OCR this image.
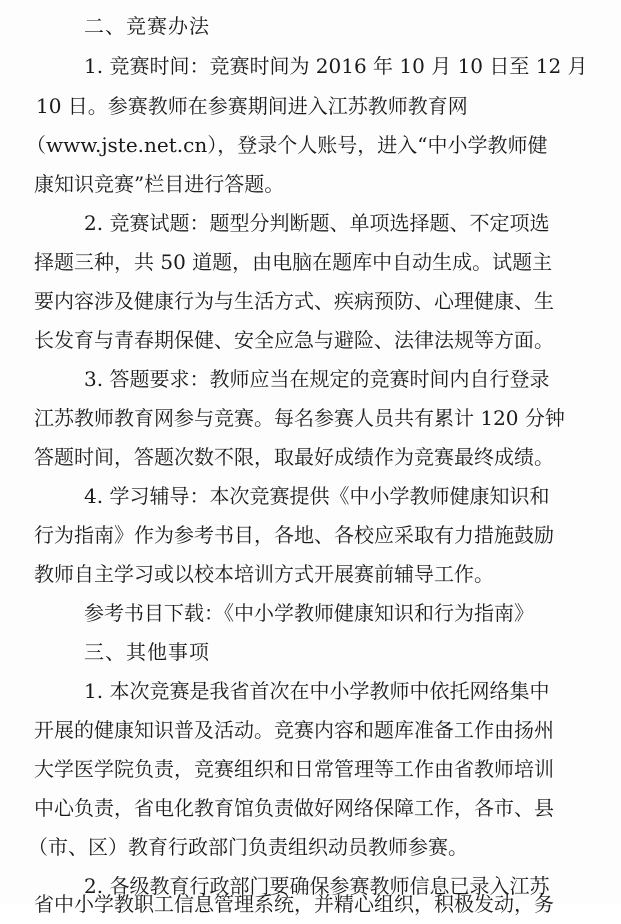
二、竞赛办法
1. 竞赛时间：竞赛时间为 2016 年 10 月 10 日至 12 月
10 日。参赛教师在参赛期间进入江苏教师教育网
（www.jste.net.cn），登录个人账号，进入“中小学教师健
康知识竞赛”栏目进行答题。
2. 竞赛试题：题型分判断题、单项选择题、不定项选
择题三种，共 50 道题，由电脑在题库中自动生成。试题主
要内容涉及健康行为与生活方式、疾病预防、心理健康、生
长发育与青春期保健、安全应急与避险、法律法规等方面。
3. 答题要求：教师应当在规定的竞赛时间内自行登录
江苏教师教育网参与竞赛。每名参赛人员共有累计 120 分钟
答题时间，答题次数不限，取最好成绩作为竞赛最终成绩。
4. 学习辅导：本次竞赛提供《中小学教师健康知识和
行为指南》作为参考书目，各地、各校应采取有力措施鼓励
教师自主学习或以校本培训方式开展赛前辅导工作。
参考书目下载：《中小学教师健康知识和行为指南》
三、其他事项
1. 本次竞赛是我省首次在中小学教师中依托网络集中
开展的健康知识普及活动。竞赛内容和题库准备工作由扬州
大学医学院负责，竞赛组织和日常管理等工作由省教师培训
中心负责，省电化教育馆负责做好网络保障工作，各市、县
（市、区）教育行政部门负责组织动员教师参赛。
2. 各级教育行政部门要确保参赛教师信息已录入江苏
省中小学教职工信息管理系统，并精心组织，积极发动，务
